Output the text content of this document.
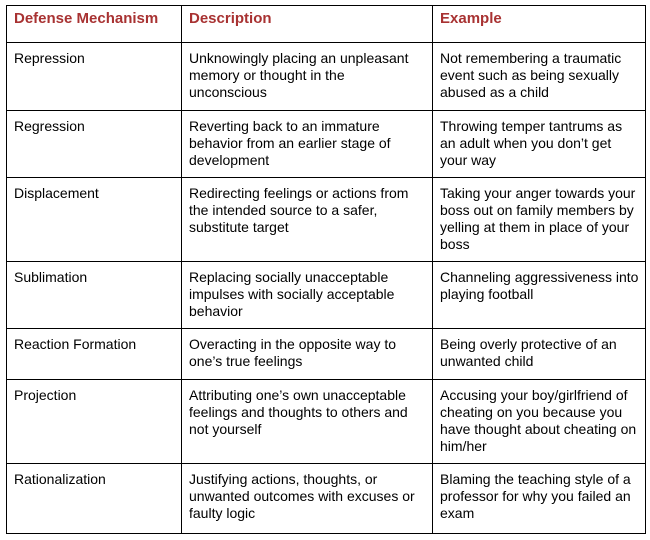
Defense Mechanism	Description	Example
Repression	Unknowingly placing an unpleasant memory or thought in the unconscious	Not remembering a traumatic event such as being sexually abused as a child
Regression	Reverting back to an immature behavior from an earlier stage of development	Throwing temper tantrums as an adult when you don’t get your way
Displacement	Redirecting feelings or actions from the intended source to a safer, substitute target	Taking your anger towards your boss out on family members by yelling at them in place of your boss
Sublimation	Replacing socially unacceptable impulses with socially acceptable behavior	Channeling aggressiveness into playing football
Reaction Formation	Overacting in the opposite way to one’s true feelings	Being overly protective of an unwanted child
Projection	Attributing one’s own unacceptable feelings and thoughts to others and not yourself	Accusing your boy/girlfriend of cheating on you because you have thought about cheating on him/her
Rationalization	Justifying actions, thoughts, or unwanted outcomes with excuses or faulty logic	Blaming the teaching style of a professor for why you failed an exam
